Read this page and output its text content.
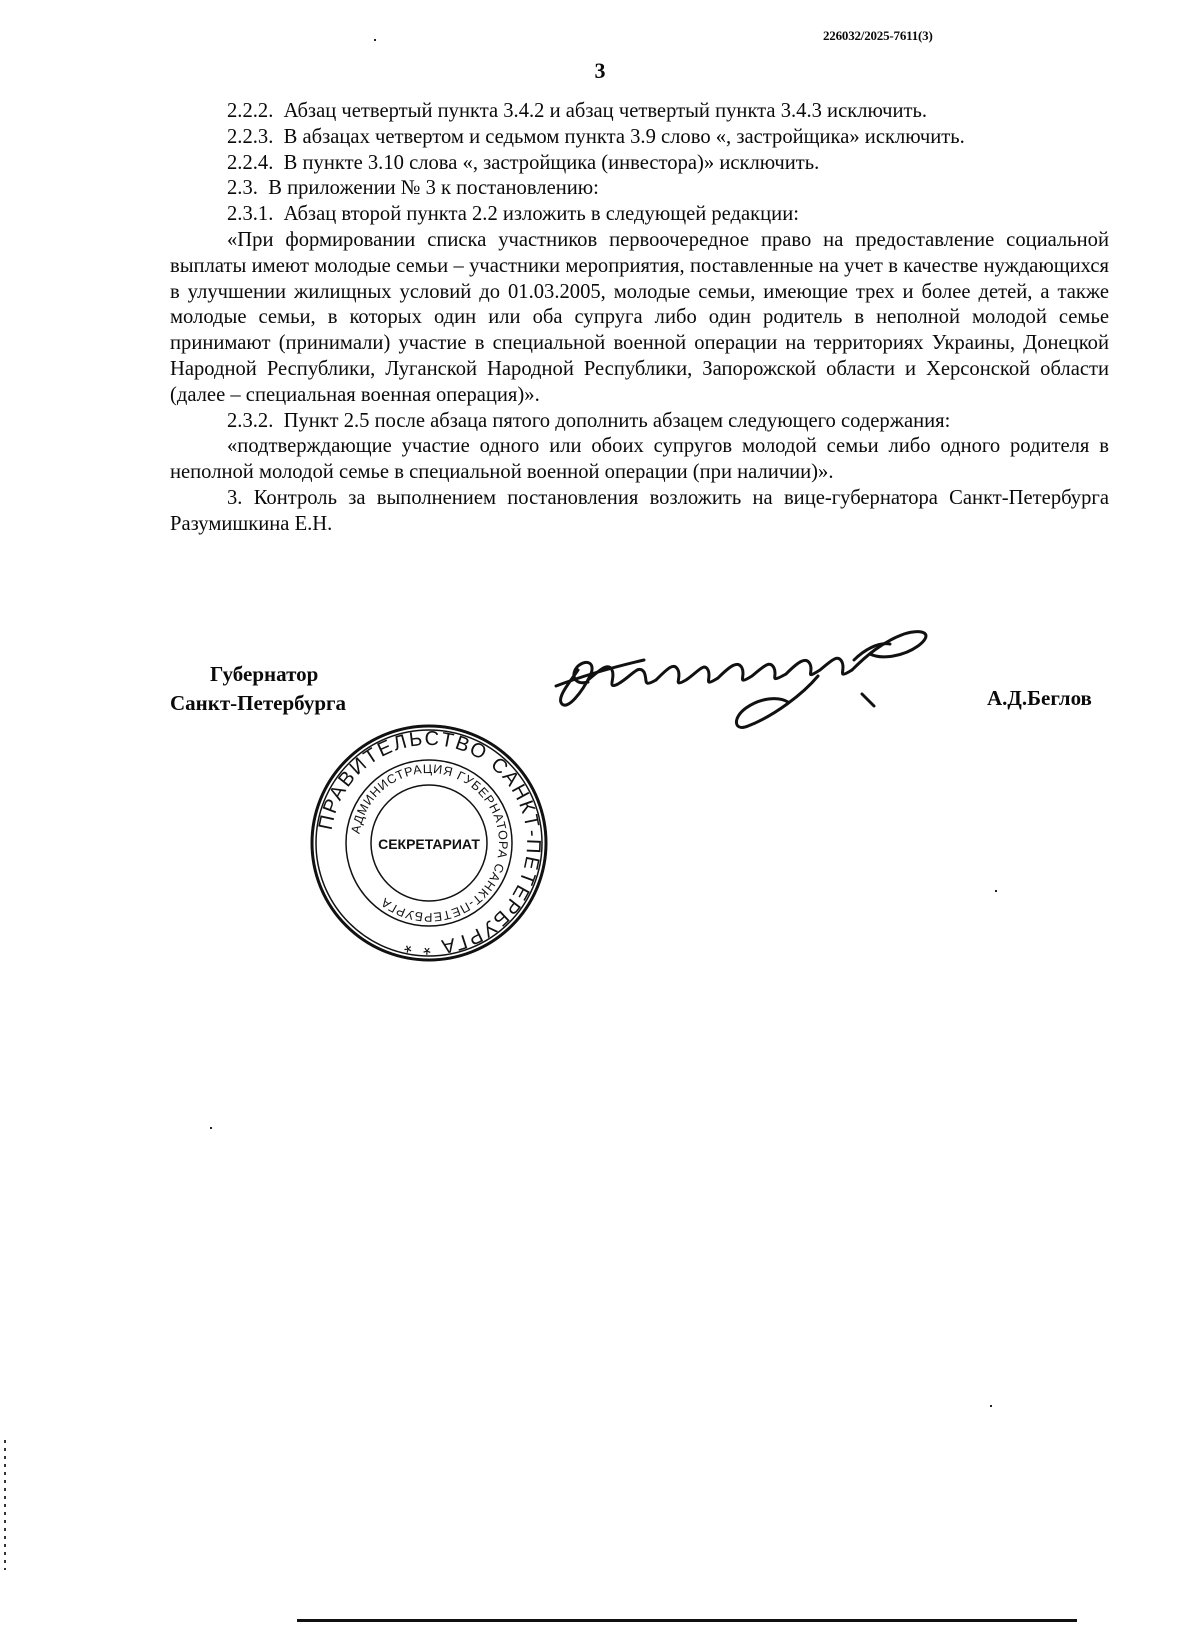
226032/2025-7611(3)
3

2.2.2. Абзац четвертый пункта 3.4.2 и абзац четвертый пункта 3.4.3 исключить.

2.2.3. В абзацах четвертом и седьмом пункта 3.9 слово «, застройщика» исключить.

2.2.4. В пункте 3.10 слова «, застройщика (инвестора)» исключить.

2.3. В приложении № 3 к постановлению:

2.3.1. Абзац второй пункта 2.2 изложить в следующей редакции:

«При формировании списка участников первоочередное право на предоставление социальной выплаты имеют молодые семьи – участники мероприятия, поставленные на учет в качестве нуждающихся в улучшении жилищных условий до 01.03.2005, молодые семьи, имеющие трех и более детей, а также молодые семьи, в которых один или оба супруга либо один родитель в неполной молодой семье принимают (принимали) участие в специальной военной операции на территориях Украины, Донецкой Народной Республики, Луганской Народной Республики, Запорожской области и Херсонской области (далее – специальная военная операция)».

2.3.2. Пункт 2.5 после абзаца пятого дополнить абзацем следующего содержания:

«подтверждающие участие одного или обоих супругов молодой семьи либо одного родителя в неполной молодой семье в специальной военной операции (при наличии)».

3. Контроль за выполнением постановления возложить на вице-губернатора Санкт-Петербурга Разумишкина Е.Н.

Губернатор
Санкт-Петербурга	А.Д.Беглов
ПРАВИТЕЛЬСТВО САНКТ-ПЕТЕРБУРГА * *
АДМИНИСТРАЦИЯ ГУБЕРНАТОРА САНКТ-ПЕТЕРБУРГА
СЕКРЕТАРИАТ
